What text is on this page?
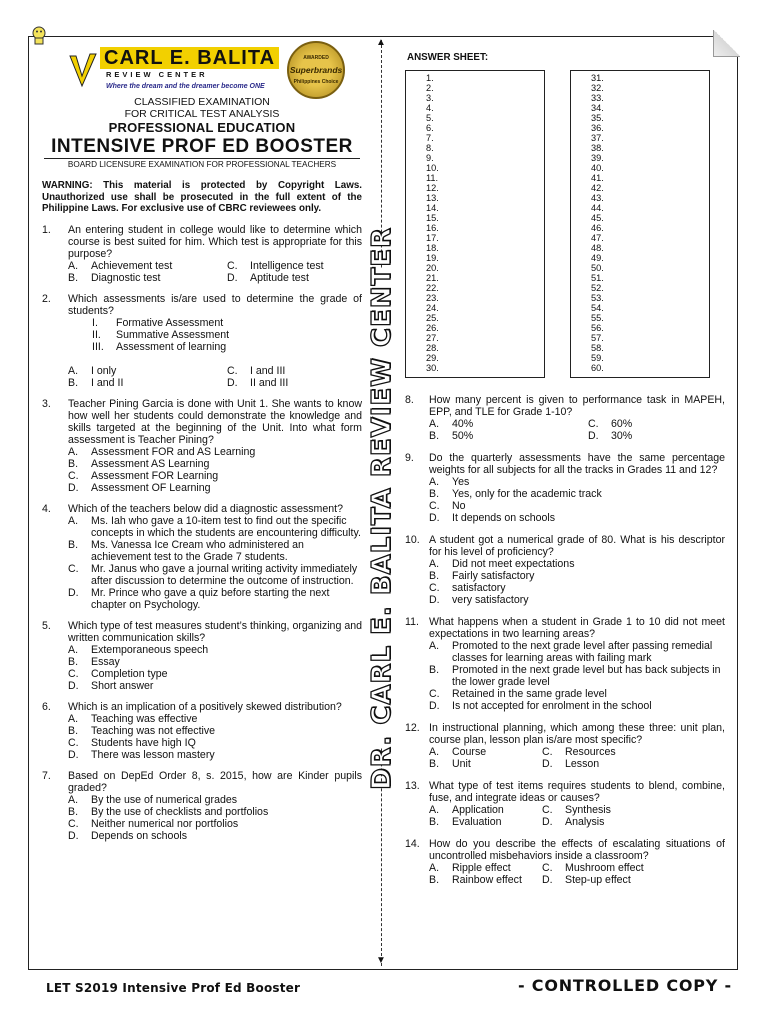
CARL E. BALITA
REVIEW CENTER
Where the dream and the dreamer become ONE
AWARDED
Superbrands
Philippines Choice
CLASSIFIED EXAMINATION
FOR CRITICAL TEST ANALYSIS
PROFESSIONAL EDUCATION
INTENSIVE PROF ED BOOSTER
BOARD LICENSURE EXAMINATION FOR PROFESSIONAL TEACHERS
WARNING: This material is protected by Copyright Laws. Unauthorized use shall be prosecuted in the full extent of the Philippine Laws. For exclusive use of CBRC reviewees only.
1.	An entering student in college would like to determine which course is best suited for him. Which test is appropriate for this purpose?
A.	Achievement test	C.	Intelligence test
B.	Diagnostic test	D.	Aptitude test
2.	Which assessments is/are used to determine the grade of students?
I.	Formative Assessment
II.	Summative Assessment
III.	Assessment of learning
A.	I only	C.	I and III
B.	I and II	D.	II and III
3.	Teacher Pining Garcia is done with Unit 1. She wants to know how well her students could demonstrate the knowledge and skills targeted at the beginning of the Unit. Into what form assessment is Teacher Pining?
A.	Assessment FOR and AS Learning
B.	Assessment AS Learning
C.	Assessment FOR Learning
D.	Assessment OF Learning
4.	Which of the teachers below did a diagnostic assessment?
A.	Ms. Iah who gave a 10-item test to find out the specific concepts in which the students are encountering difficulty.
B.	Ms. Vanessa Ice Cream who administered an achievement test to the Grade 7 students.
C.	Mr. Janus who gave a journal writing activity immediately after discussion to determine the outcome of instruction.
D.	Mr. Prince who gave a quiz before starting the next chapter on Psychology.
5.	Which type of test measures student’s thinking, organizing and written communication skills?
A.	Extemporaneous speech
B.	Essay
C.	Completion type
D.	Short answer
6.	Which is an implication of a positively skewed distribution?
A.	Teaching was effective
B.	Teaching was not effective
C.	Students have high IQ
D.	There was lesson mastery
7.	Based on DepEd Order 8, s. 2015, how are Kinder pupils graded?
A.	By the use of numerical grades
B.	By the use of checklists and portfolios
C.	Neither numerical nor portfolios
D.	Depends on schools
▲
▼
DR. CARL E. BALITA REVIEW CENTER
ANSWER SHEET:
1.
2.
3.
4.
5.
6.
7.
8.
9.
10.
11.
12.
13.
14.
15.
16.
17.
18.
19.
20.
21.
22.
23.
24.
25.
26.
27.
28.
29.
30.
31.
32.
33.
34.
35.
36.
37.
38.
39.
40.
41.
42.
43.
44.
45.
46.
47.
48.
49.
50.
51.
52.
53.
54.
55.
56.
57.
58.
59.
60.
8.	How many percent is given to performance task in MAPEH, EPP, and TLE for Grade 1-10?
A.	40%	C.	60%
B.	50%	D.	30%
9.	Do the quarterly assessments have the same percentage weights for all subjects for all the tracks in Grades 11 and 12?
A.	Yes
B.	Yes, only for the academic track
C.	No
D.	It depends on schools
10. A student got a numerical grade of 80. What is his descriptor for his level of proficiency?
A.	Did not meet expectations
B.	Fairly satisfactory
C.	satisfactory
D.	very satisfactory
11. What happens when a student in Grade 1 to 10 did not meet expectations in two learning areas?
A.	Promoted to the next grade level after passing remedial classes for learning areas with failing mark
B.	Promoted in the next grade level but has back subjects in the lower grade level
C.	Retained in the same grade level
D.	Is not accepted for enrolment in the school
12. In instructional planning, which among these three: unit plan, course plan, lesson plan is/are most specific?
A.	Course	C.	Resources
B.	Unit	D.	Lesson
13. What type of test items requires students to blend, combine, fuse, and integrate ideas or causes?
A.	Application	C.	Synthesis
B.	Evaluation	D.	Analysis
14. How do you describe the effects of escalating situations of uncontrolled misbehaviors inside a classroom?
A.	Ripple effect	C.	Mushroom effect
B.	Rainbow effect D.	Step-up effect
LET S2019 Intensive Prof Ed Booster	- CONTROLLED COPY -
